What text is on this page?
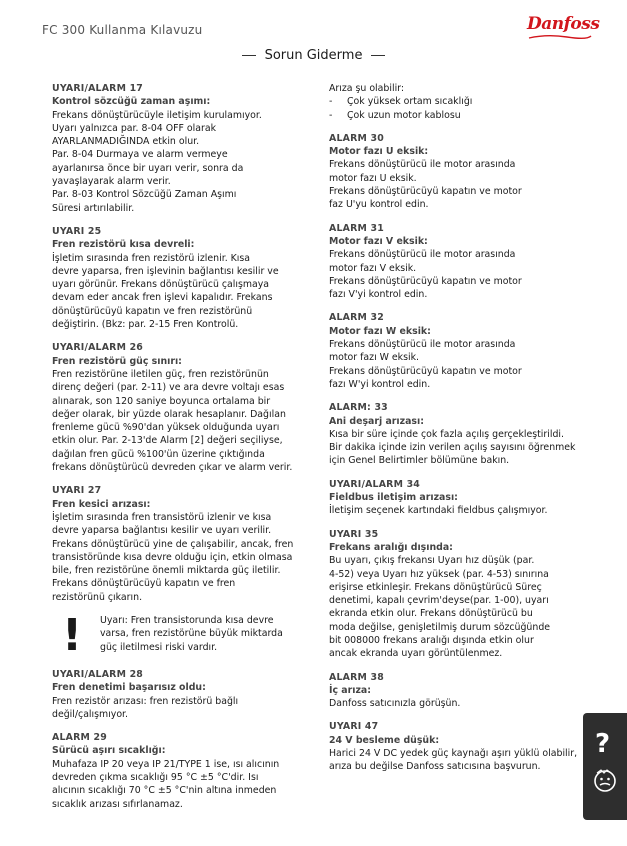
FC 300 Kullanma Kılavuzu	Danfoss
Sorun Giderme
UYARI/ALARM 17
Kontrol sözcüğü zaman aşımı:
Frekans dönüştürücüyle iletişim kurulamıyor.
Uyarı yalnızca par. 8-04 OFF olarak
AYARLANMADIĞINDA etkin olur.
Par. 8-04 Durmaya ve alarm vermeye
ayarlanırsa önce bir uyarı verir, sonra da
yavaşlayarak alarm verir.
Par. 8-03 Kontrol Sözcüğü Zaman Aşımı
Süresi artırılabilir.
UYARI 25
Fren rezistörü kısa devreli:
İşletim sırasında fren rezistörü izlenir. Kısa
devre yaparsa, fren işlevinin bağlantısı kesilir ve
uyarı görünür. Frekans dönüştürücü çalışmaya
devam eder ancak fren işlevi kapalıdır. Frekans
dönüştürücüyü kapatın ve fren rezistörünü
değiştirin. (Bkz: par. 2-15 Fren Kontrolü.
UYARI/ALARM 26
Fren rezistörü güç sınırı:
Fren rezistörüne iletilen güç, fren rezistörünün
direnç değeri (par. 2-11) ve ara devre voltajı esas
alınarak, son 120 saniye boyunca ortalama bir
değer olarak, bir yüzde olarak hesaplanır. Dağılan
frenleme gücü %90'dan yüksek olduğunda uyarı
etkin olur. Par. 2-13'de Alarm [2] değeri seçiliyse,
dağılan fren gücü %100'ün üzerine çıktığında
frekans dönüştürücü devreden çıkar ve alarm verir.
UYARI 27
Fren kesici arızası:
İşletim sırasında fren transistörü izlenir ve kısa
devre yaparsa bağlantısı kesilir ve uyarı verilir.
Frekans dönüştürücü yine de çalışabilir, ancak, fren
transistöründe kısa devre olduğu için, etkin olmasa
bile, fren rezistörüne önemli miktarda güç iletilir.
Frekans dönüştürücüyü kapatın ve fren
rezistörünü çıkarın.
!	Uyarı: Fren transistorunda kısa devre
varsa, fren rezistörüne büyük miktarda
güç iletilmesi riski vardır.
UYARI/ALARM 28
Fren denetimi başarısız oldu:
Fren rezistör arızası: fren rezistörü bağlı
değil/çalışmıyor.
ALARM 29
Sürücü aşırı sıcaklığı:
Muhafaza IP 20 veya IP 21/TYPE 1 ise, ısı alıcının
devreden çıkma sıcaklığı 95 °C ±5 °C'dir. Isı
alıcının sıcaklığı 70 °C ±5 °C'nin altına inmeden
sıcaklık arızası sıfırlanamaz.
Arıza şu olabilir:
- Çok yüksek ortam sıcaklığı
- Çok uzun motor kablosu
ALARM 30
Motor fazı U eksik:
Frekans dönüştürücü ile motor arasında
motor fazı U eksik.
Frekans dönüştürücüyü kapatın ve motor
faz U'yu kontrol edin.
ALARM 31
Motor fazı V eksik:
Frekans dönüştürücü ile motor arasında
motor fazı V eksik.
Frekans dönüştürücüyü kapatın ve motor
fazı V'yi kontrol edin.
ALARM 32
Motor fazı W eksik:
Frekans dönüştürücü ile motor arasında
motor fazı W eksik.
Frekans dönüştürücüyü kapatın ve motor
fazı W'yi kontrol edin.
ALARM: 33
Ani deşarj arızası:
Kısa bir süre içinde çok fazla açılış gerçekleştirildi.
Bir dakika içinde izin verilen açılış sayısını öğrenmek
için Genel Belirtimler bölümüne bakın.
UYARI/ALARM 34
Fieldbus iletişim arızası:
İletişim seçenek kartındaki fieldbus çalışmıyor.
UYARI 35
Frekans aralığı dışında:
Bu uyarı, çıkış frekansı Uyarı hız düşük (par.
4-52) veya Uyarı hız yüksek (par. 4-53) sınırına
erişirse etkinleşir. Frekans dönüştürücü Süreç
denetimi, kapalı çevrim'deyse(par. 1-00), uyarı
ekranda etkin olur. Frekans dönüştürücü bu
moda değilse, genişletilmiş durum sözcüğünde
bit 008000 frekans aralığı dışında etkin olur
ancak ekranda uyarı görüntülenmez.
ALARM 38
İç arıza:
Danfoss satıcınızla görüşün.
UYARI 47
24 V besleme düşük:
Harici 24 V DC yedek güç kaynağı aşırı yüklü olabilir,
arıza bu değilse Danfoss satıcısına başvurun.
?
